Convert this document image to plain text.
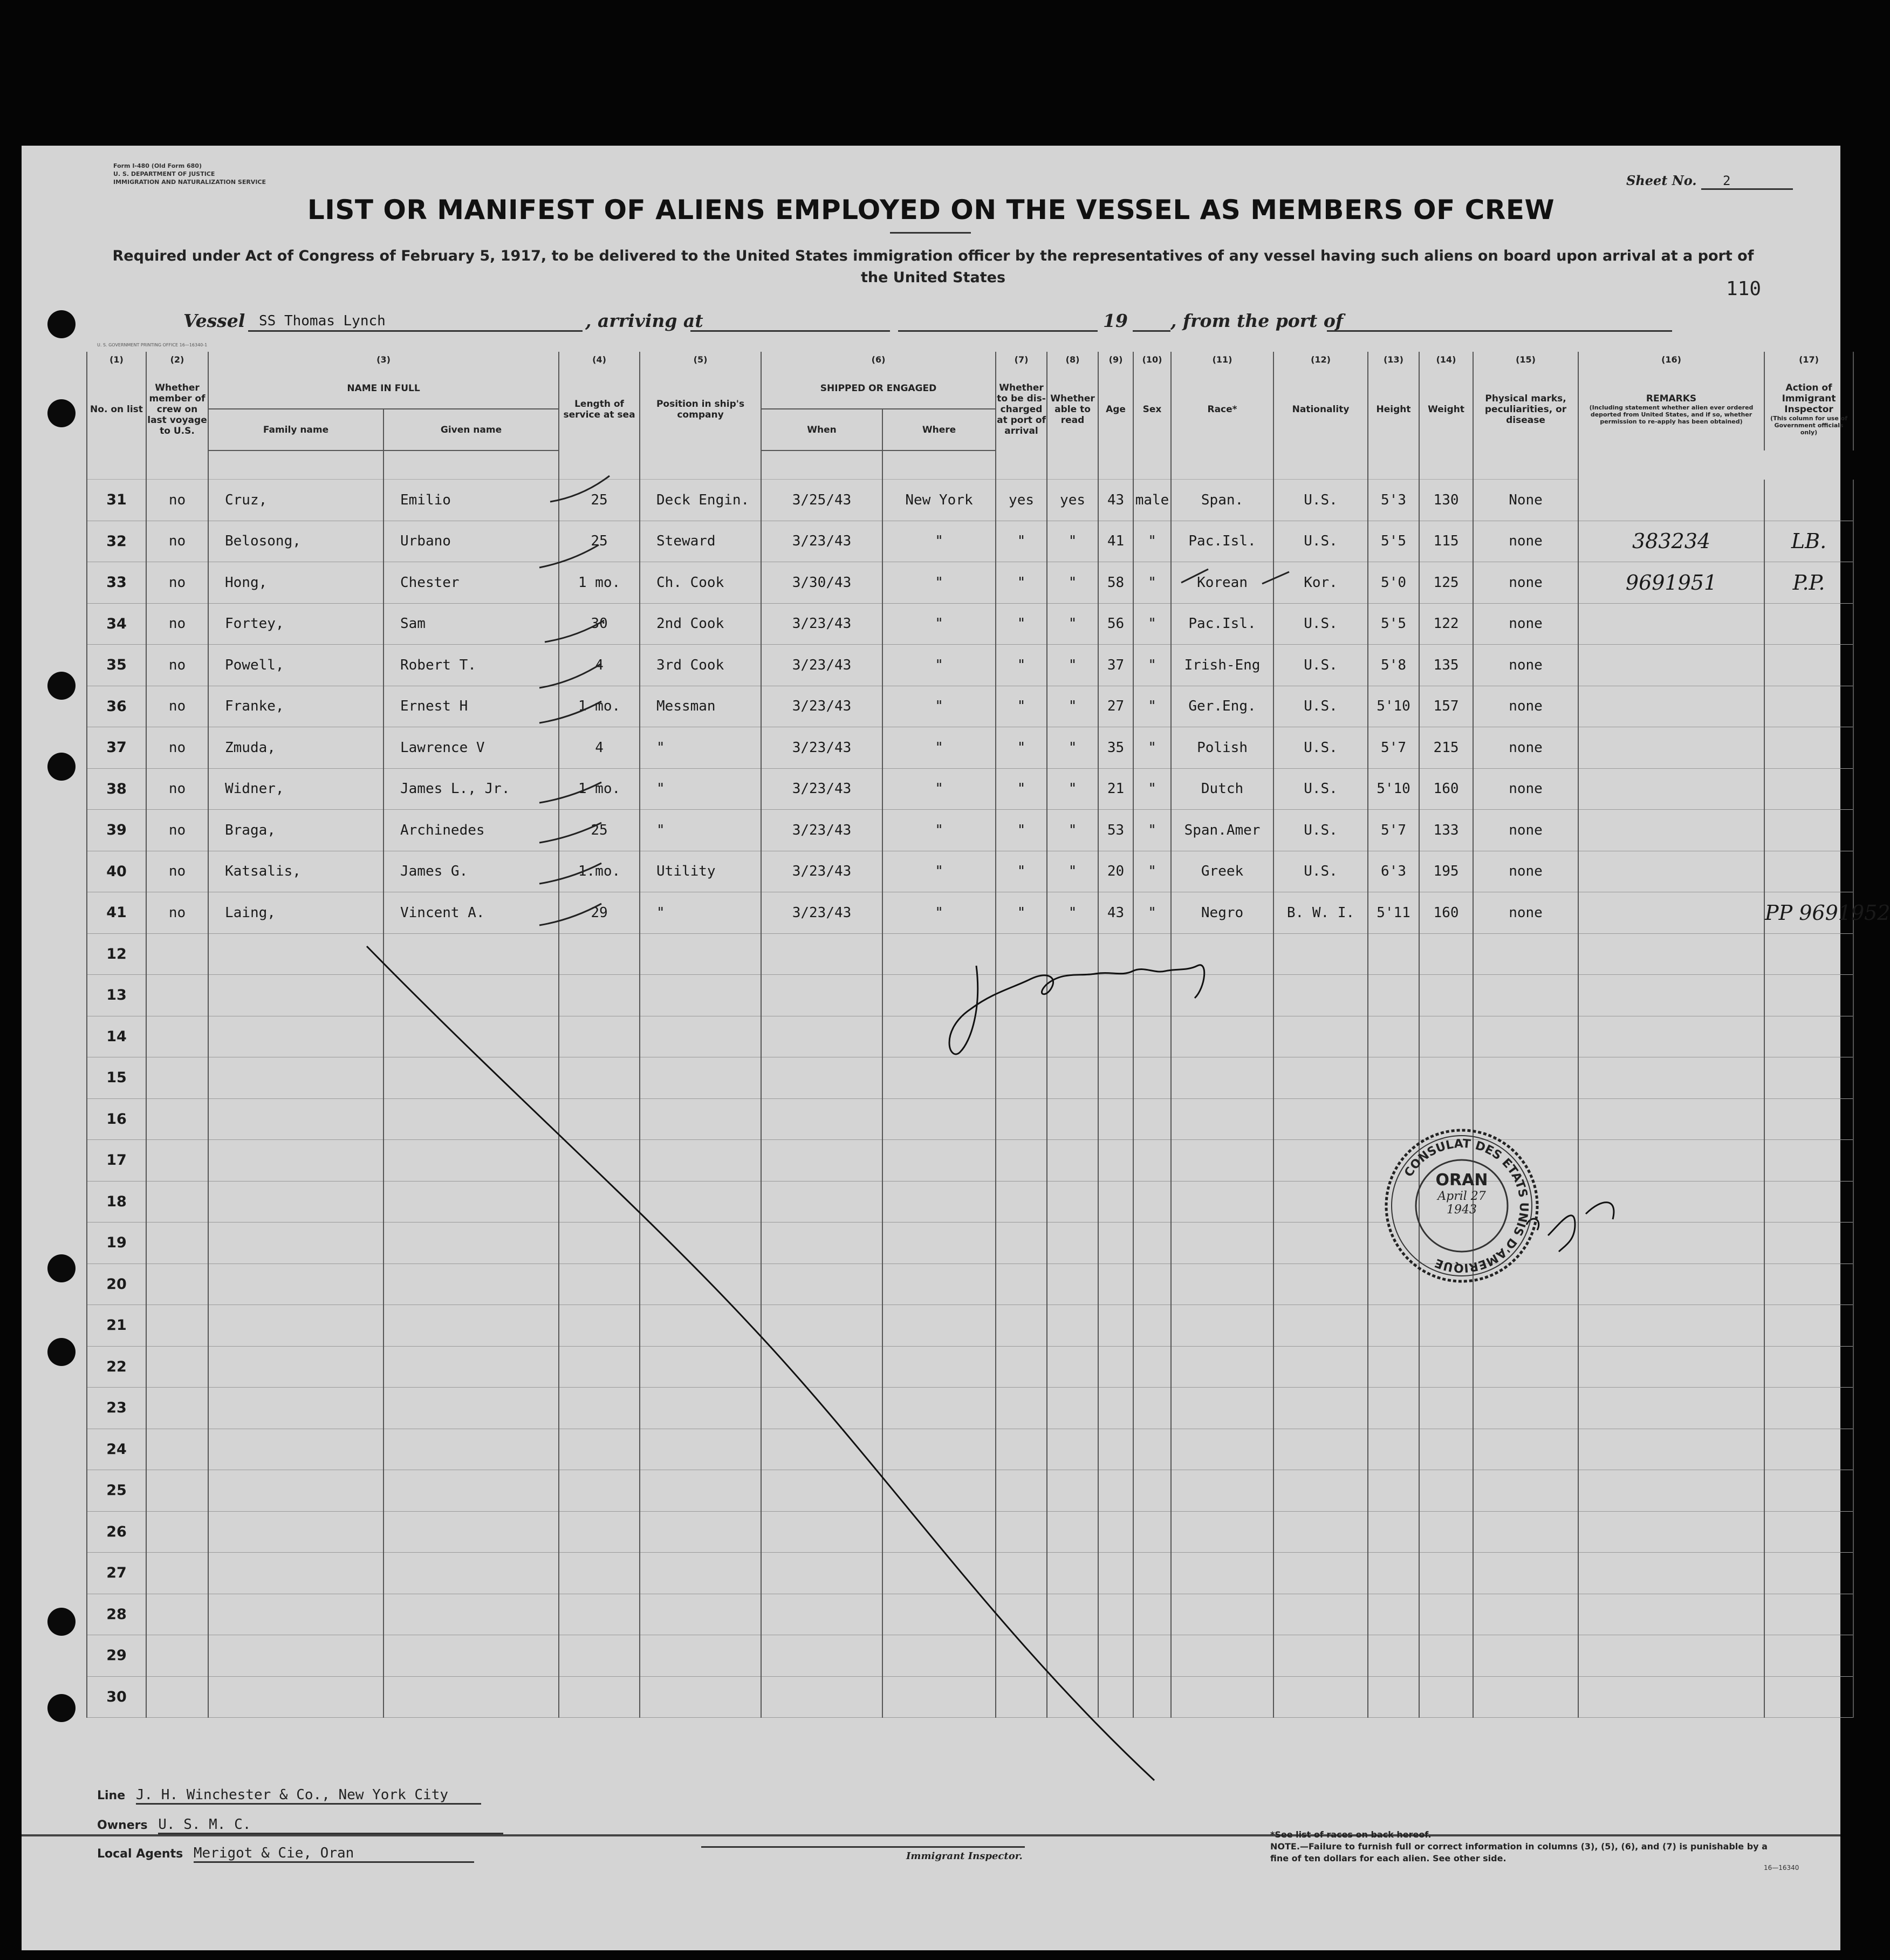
Form I-480 (Old Form 680)
U. S. DEPARTMENT OF JUSTICE
IMMIGRATION AND NATURALIZATION SERVICE	Sheet No. 2
LIST OR MANIFEST OF ALIENS EMPLOYED ON THE VESSEL AS MEMBERS OF CREW
Required under Act of Congress of February 5, 1917, to be delivered to the United States immigration officer by the representatives of any vessel having such aliens on board upon arrival at a port of the United States
110
Vessel SS Thomas Lynch	, arriving at	19 , from the port of
U. S. GOVERNMENT PRINTING OFFICE 16—16340-1
(1)	(2)	(3)		(4)	(5)	(6)		(7)	(8)	(9)	(10)	(11)	(12)	(13)	(14)	(15)	(16)	(17)
No. on list	Whether member of crew on last voyage to U.S.	NAME IN FULL		Length of service at sea	Position in ship's company	SHIPPED OR ENGAGED		Whether to be dis-charged at port of arrival	Whether able to read	Age	Sex	Race*	Nationality	Height	Weight	Physical marks, peculiarities, or disease	REMARKS
(Including statement whether alien ever ordered deported from United States, and if so, whether permission to re-apply has been obtained)	Action of Immigrant Inspector
(This column for use of Government officials only)

		Family name	Given name			When	Where											

31	no	Cruz,	Emilio	25	Deck Engin.	3/25/43	New York	yes	yes	43	male	Span.	U.S.	5'3	130	None		
32	no	Belosong,	Urbano	25	Steward	3/23/43	"	"	"	41	"	Pac.Isl.	U.S.	5'5	115	none	383234	LB.
33	no	Hong,	Chester	1 mo.	Ch. Cook	3/30/43	"	"	"	58	"	Korean	Kor.	5'0	125	none	9691951	P.P.
34	no	Fortey,	Sam	30	2nd Cook	3/23/43	"	"	"	56	"	Pac.Isl.	U.S.	5'5	122	none		
35	no	Powell,	Robert T.	4	3rd Cook	3/23/43	"	"	"	37	"	Irish-Eng	U.S.	5'8	135	none		
36	no	Franke,	Ernest H	1 mo.	Messman	3/23/43	"	"	"	27	"	Ger.Eng.	U.S.	5'10	157	none		
37	no	Zmuda,	Lawrence V	4	"	3/23/43	"	"	"	35	"	Polish	U.S.	5'7	215	none		
38	no	Widner,	James L., Jr.	1 mo.	"	3/23/43	"	"	"	21	"	Dutch	U.S.	5'10	160	none		
39	no	Braga,	Archinedes	25	"	3/23/43	"	"	"	53	"	Span.Amer	U.S.	5'7	133	none		
40	no	Katsalis,	James G.	1.mo.	Utility	3/23/43	"	"	"	20	"	Greek	U.S.	6'3	195	none		
41	no	Laing,	Vincent A.	29	"	3/23/43	"	"	"	43	"	Negro	B. W. I.	5'11	160	none		PP 9691952
12																		
13																		
14																		
15																		
16																		
17																		
18																		
19																		
20																		
21																		
22																		
23																		
24																		
25																		
26																		
27																		
28																		
29																		
30																		
CONSULAT DES ETATS UNIS D'AMERIQUE
ORAN
April 27 1943
Line J. H. Winchester & Co., New York City
Owners U. S. M. C.
Local Agents Merigot & Cie, Oran	Immigrant Inspector.
*See list of races on back hereof.
NOTE.—Failure to furnish full or correct information in columns (3), (5), (6), and (7) is punishable by a fine of ten dollars for each alien. See other side.
16—16340
